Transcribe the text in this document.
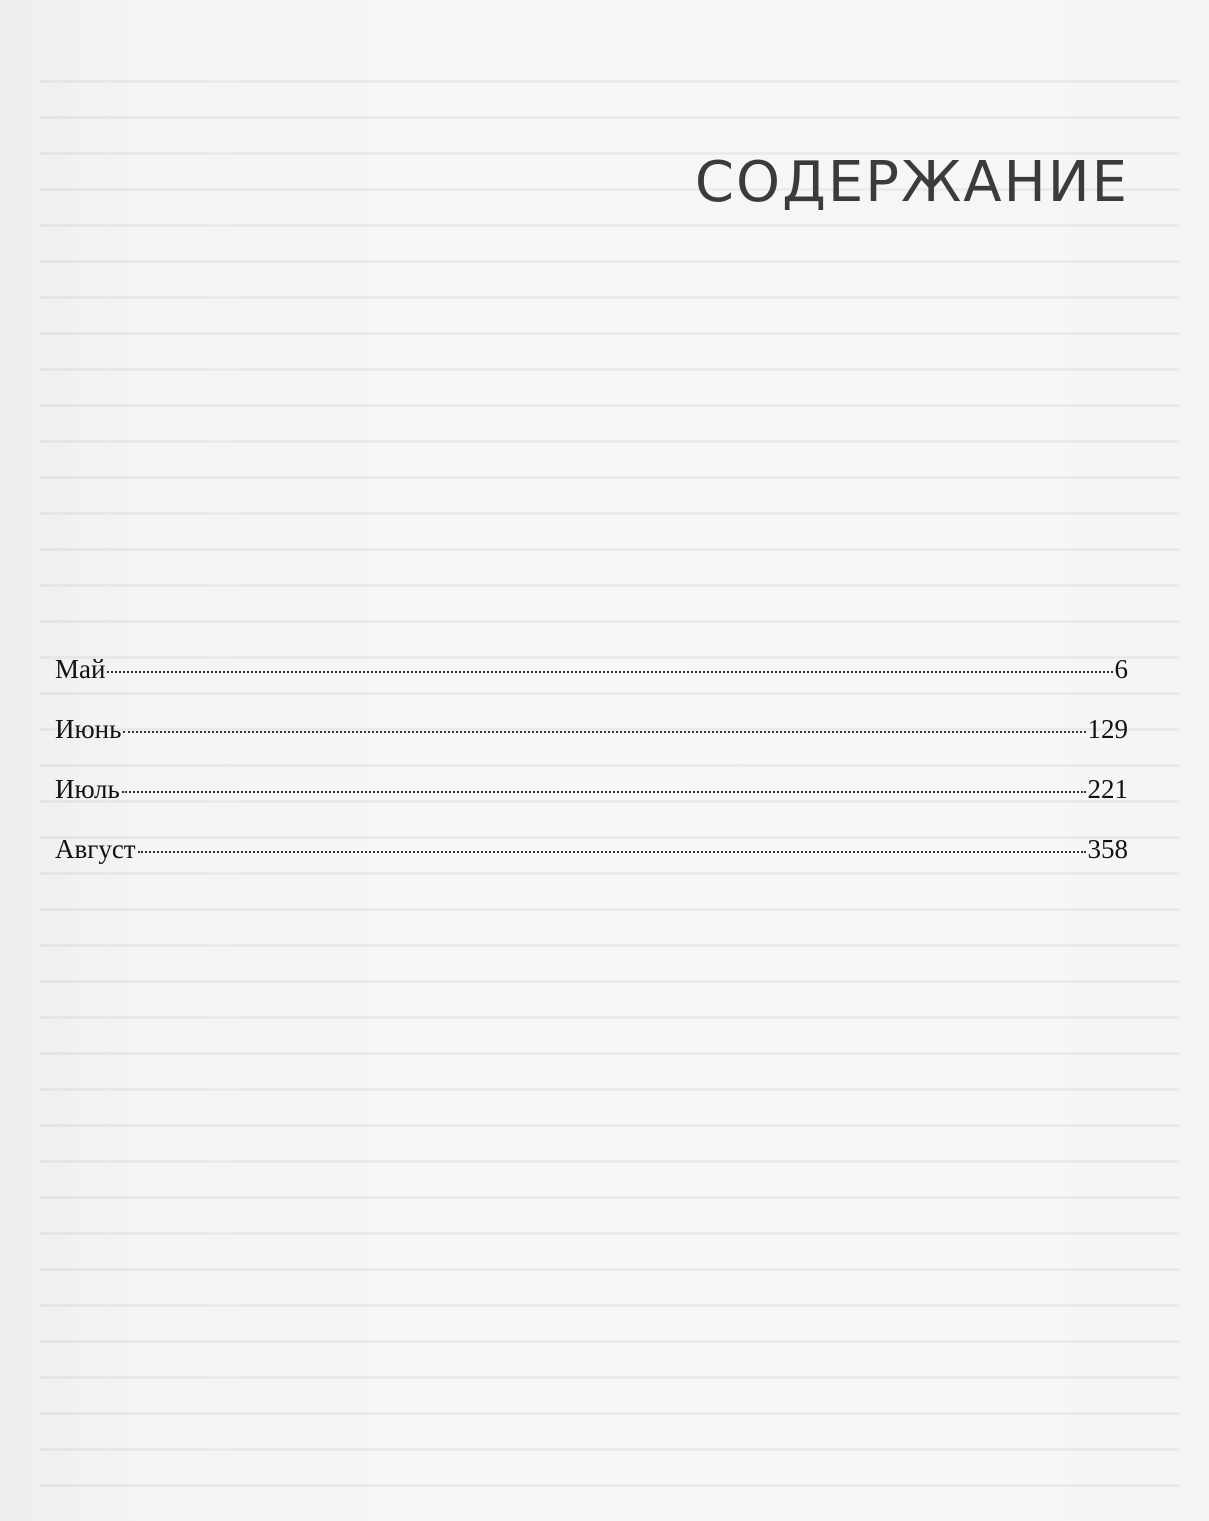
СОДЕРЖАНИЕ
Май	6
Июнь	129
Июль	221
Август	358
